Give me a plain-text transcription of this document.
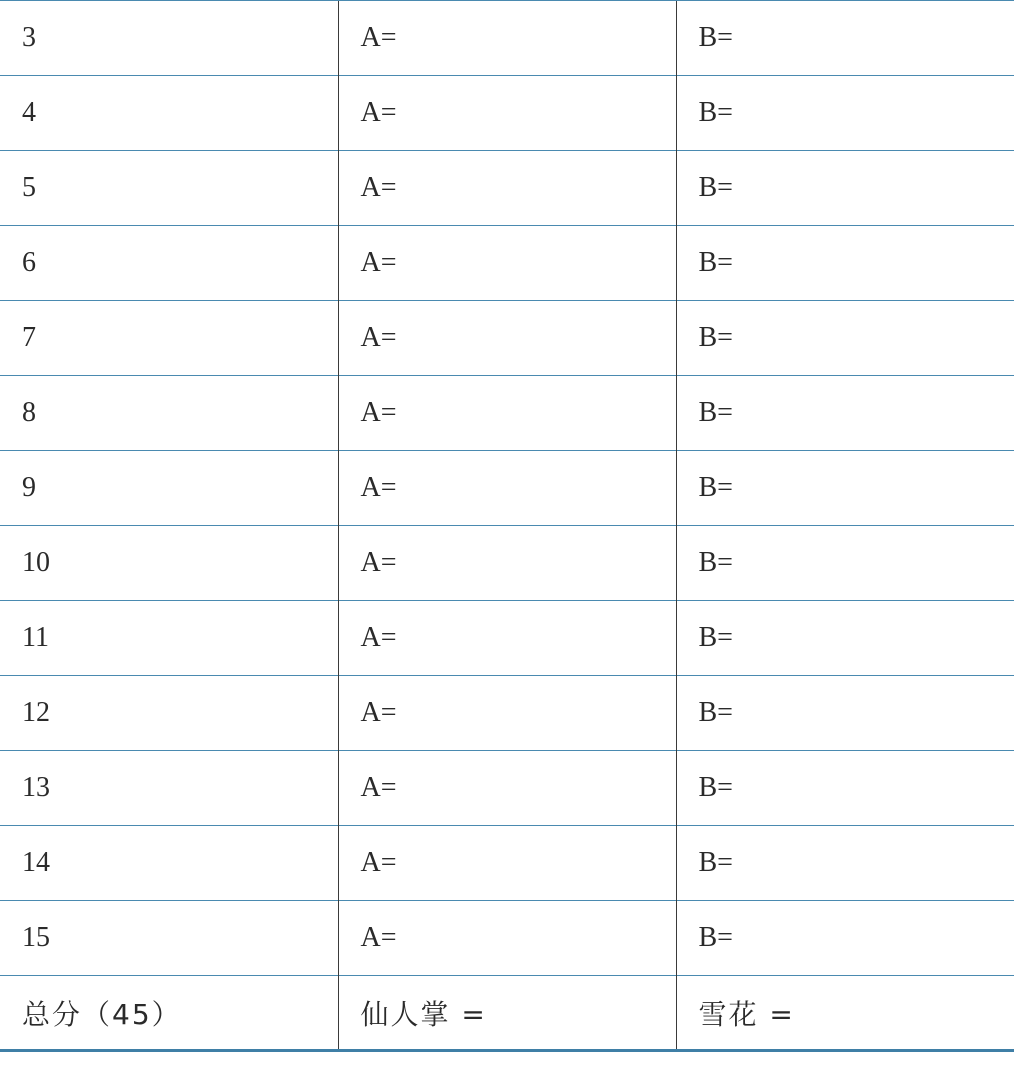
3	A=	B=
4	A=	B=
5	A=	B=
6	A=	B=
7	A=	B=
8	A=	B=
9	A=	B=
10	A=	B=
11	A=	B=
12	A=	B=
13	A=	B=
14	A=	B=
15	A=	B=
总分（45）	仙人掌 =	雪花 =
